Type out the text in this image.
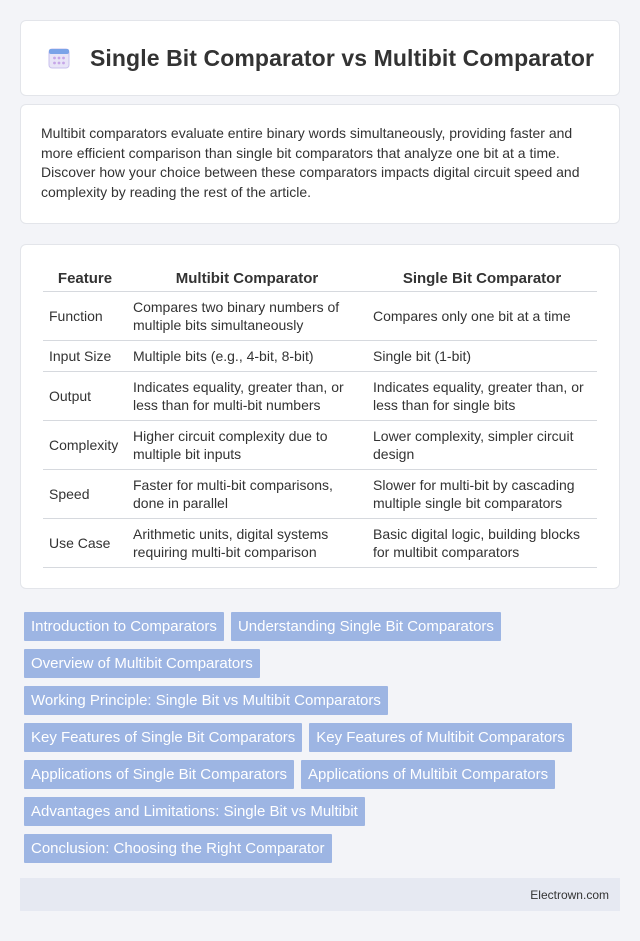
Single Bit Comparator vs Multibit Comparator

Multibit comparators evaluate entire binary words simultaneously, providing faster and more efficient comparison than single bit comparators that analyze one bit at a time. Discover how your choice between these comparators impacts digital circuit speed and complexity by reading the rest of the article.

Feature	Multibit Comparator	Single Bit Comparator
Function	Compares two binary numbers of multiple bits simultaneously	Compares only one bit at a time
Input Size	Multiple bits (e.g., 4-bit, 8-bit)	Single bit (1-bit)
Output	Indicates equality, greater than, or less than for multi-bit numbers	Indicates equality, greater than, or less than for single bits
Complexity	Higher circuit complexity due to multiple bit inputs	Lower complexity, simpler circuit design
Speed	Faster for multi-bit comparisons, done in parallel	Slower for multi-bit by cascading multiple single bit comparators
Use Case	Arithmetic units, digital systems requiring multi-bit comparison	Basic digital logic, building blocks for multibit comparators
Introduction to Comparators	Understanding Single Bit Comparators
Overview of Multibit Comparators
Working Principle: Single Bit vs Multibit Comparators
Key Features of Single Bit Comparators	Key Features of Multibit Comparators
Applications of Single Bit Comparators	Applications of Multibit Comparators
Advantages and Limitations: Single Bit vs Multibit
Conclusion: Choosing the Right Comparator
Electrown.com
